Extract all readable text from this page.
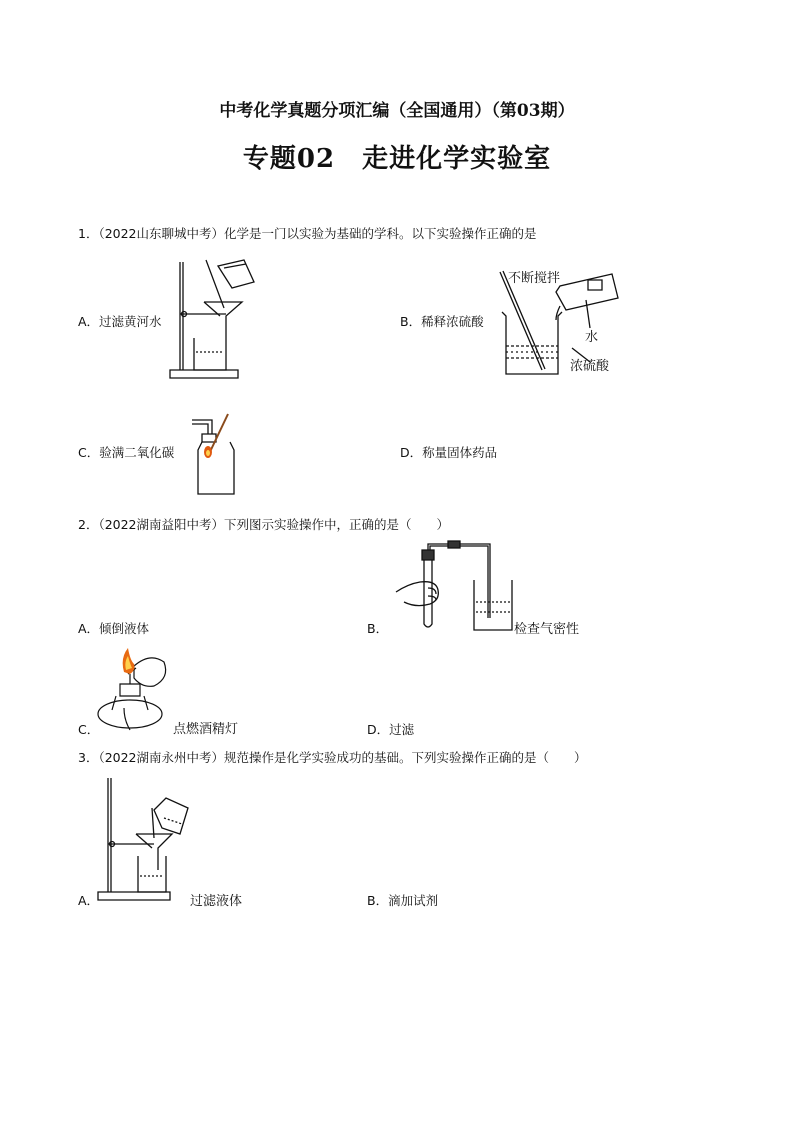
中考化学真题分项汇编（全国通用）（第03期）
专题02　走进化学实验室
1．（2022山东聊城中考）化学是一门以实验为基础的学科。以下实验操作正确的是
A．过滤黄河水
不断搅拌
水
浓硫酸
B．稀释浓硫酸
C．验满二氧化碳	D．称量固体药品
2．（2022湖南益阳中考）下列图示实验操作中，正确的是（　　）
A．倾倒液体	B．	检查气密性
C．	点燃酒精灯	D．过滤
3．（2022湖南永州中考）规范操作是化学实验成功的基础。下列实验操作正确的是（　　）
A．	过滤液体	B．滴加试剂
